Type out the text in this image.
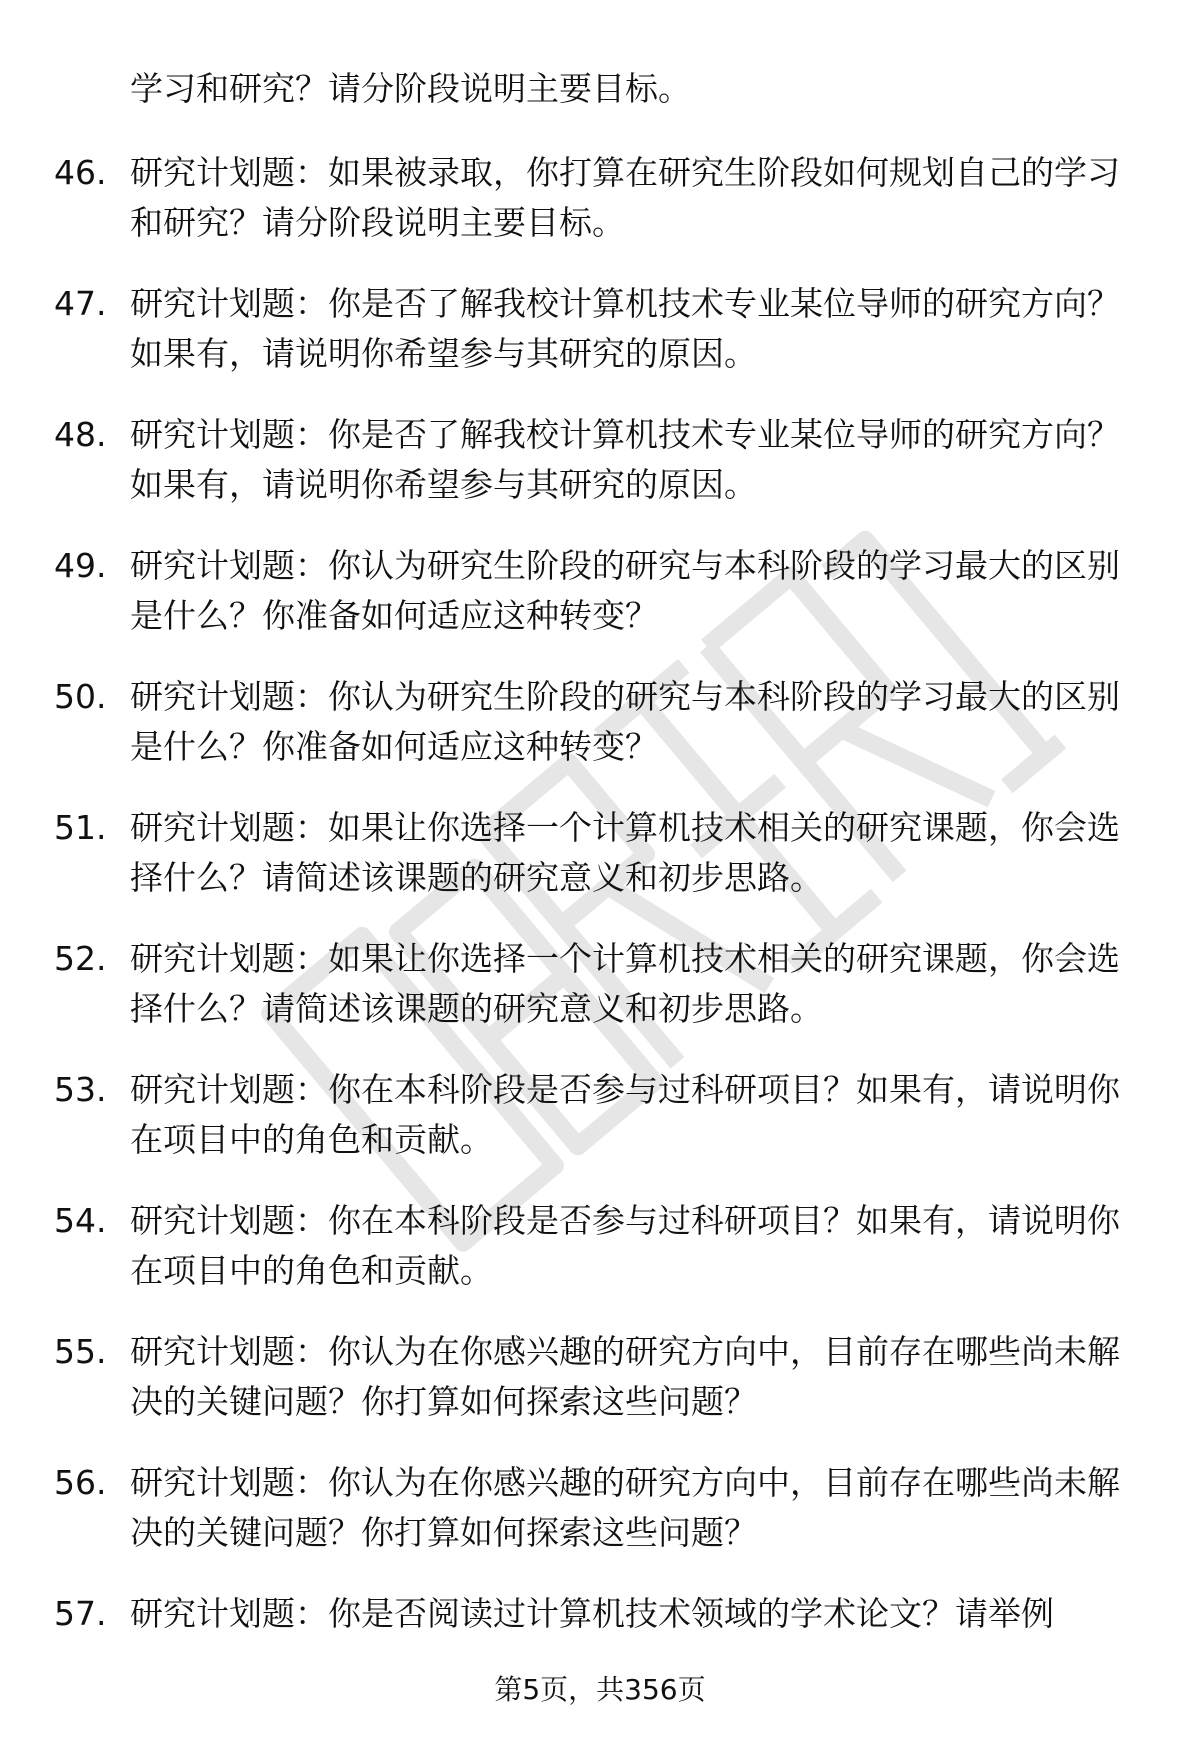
学习和研究？请分阶段说明主要目标。

46. 研究计划题：如果被录取，你打算在研究生阶段如何规划自己的学习和研究？请分阶段说明主要目标。
47. 研究计划题：你是否了解我校计算机技术专业某位导师的研究方向？如果有，请说明你希望参与其研究的原因。
48. 研究计划题：你是否了解我校计算机技术专业某位导师的研究方向？如果有，请说明你希望参与其研究的原因。
49. 研究计划题：你认为研究生阶段的研究与本科阶段的学习最大的区别是什么？你准备如何适应这种转变？
50. 研究计划题：你认为研究生阶段的研究与本科阶段的学习最大的区别是什么？你准备如何适应这种转变？
51. 研究计划题：如果让你选择一个计算机技术相关的研究课题，你会选择什么？请简述该课题的研究意义和初步思路。
52. 研究计划题：如果让你选择一个计算机技术相关的研究课题，你会选择什么？请简述该课题的研究意义和初步思路。
53. 研究计划题：你在本科阶段是否参与过科研项目？如果有，请说明你在项目中的角色和贡献。
54. 研究计划题：你在本科阶段是否参与过科研项目？如果有，请说明你在项目中的角色和贡献。
55. 研究计划题：你认为在你感兴趣的研究方向中，目前存在哪些尚未解决的关键问题？你打算如何探索这些问题？
56. 研究计划题：你认为在你感兴趣的研究方向中，目前存在哪些尚未解决的关键问题？你打算如何探索这些问题？
57. 研究计划题：你是否阅读过计算机技术领域的学术论文？请举例
第5页，共356页
